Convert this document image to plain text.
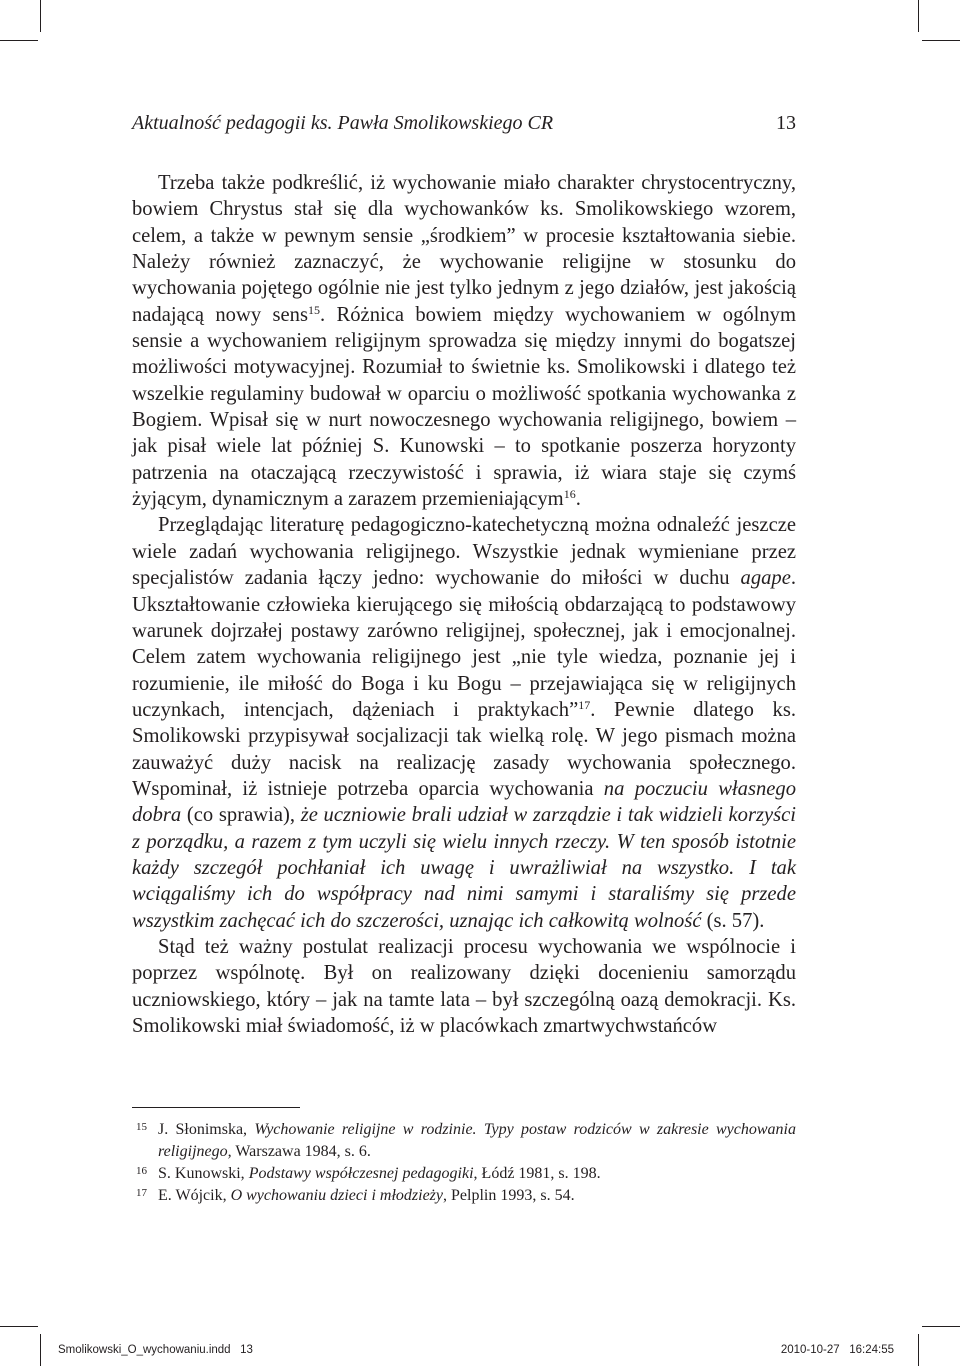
Aktualność pedagogii ks. Pawła Smolikowskiego CR	13

Trzeba także podkreślić, iż wychowanie miało charakter chrystocentryczny, bowiem Chrystus stał się dla wychowanków ks. Smolikowskiego wzorem, celem, a także w pewnym sensie „środkiem” w procesie kształtowania siebie. Należy również zaznaczyć, że wychowanie religijne w stosunku do wychowania pojętego ogólnie nie jest tylko jednym z jego działów, jest jakością nadającą nowy sens$^{15}$. Różnica bowiem między wychowaniem w ogólnym sensie a wychowaniem religijnym sprowadza się między innymi do bogatszej możliwości motywacyjnej. Rozumiał to świetnie ks. Smolikowski i dlatego też wszelkie regulaminy budował w oparciu o możliwość spotkania wychowanka z Bogiem. Wpisał się w nurt nowoczesnego wychowania religijnego, bowiem – jak pisał wiele lat później S. Kunowski – to spotkanie poszerza horyzonty patrzenia na otaczającą rzeczywistość i sprawia, iż wiara staje się czymś żyjącym, dynamicznym a zarazem przemieniającym$^{16}$.

Przeglądając literaturę pedagogiczno-katechetyczną można odnaleźć jeszcze wiele zadań wychowania religijnego. Wszystkie jednak wymieniane przez specjalistów zadania łączy jedno: wychowanie do miłości w duchu agape. Ukształtowanie człowieka kierującego się miłością obdarzającą to podstawowy warunek dojrzałej postawy zarówno religijnej, społecznej, jak i emocjonalnej. Celem zatem wychowania religijnego jest „nie tyle wiedza, poznanie jej i rozumienie, ile miłość do Boga i ku Bogu – przejawiająca się w religijnych uczynkach, intencjach, dążeniach i praktykach”$^{17}$. Pewnie dlatego ks. Smolikowski przypisywał socjalizacji tak wielką rolę. W jego pismach można zauważyć duży nacisk na realizację zasady wychowania społecznego. Wspominał, iż istnieje potrzeba oparcia wychowania na poczuciu własnego dobra (co sprawia), że uczniowie brali udział w zarządzie i tak widzieli korzyści z porządku, a razem z tym uczyli się wielu innych rzeczy. W ten sposób istotnie każdy szczegół pochłaniał ich uwagę i uwrażliwiał na wszystko. I tak wciągaliśmy ich do współpracy nad nimi samymi i staraliśmy się przede wszystkim zachęcać ich do szczerości, uznając ich całkowitą wolność (s. 57).

Stąd też ważny postulat realizacji procesu wychowania we wspólnocie i poprzez wspólnotę. Był on realizowany dzięki docenieniu samorządu uczniowskiego, który – jak na tamte lata – był szczególną oazą demokracji. Ks. Smolikowski miał świadomość, iż w placówkach zmartwychwstańców

15 J. Słonimska, Wychowanie religijne w rodzinie. Typy postaw rodziców w zakresie wychowania religijnego, Warszawa 1984, s. 6.
16 S. Kunowski, Podstawy współczesnej pedagogiki, Łódź 1981, s. 198.
17 E. Wójcik, O wychowaniu dzieci i młodzieży, Pelplin 1993, s. 54.
Smolikowski_O_wychowaniu.indd   13	2010-10-27   16:24:55
